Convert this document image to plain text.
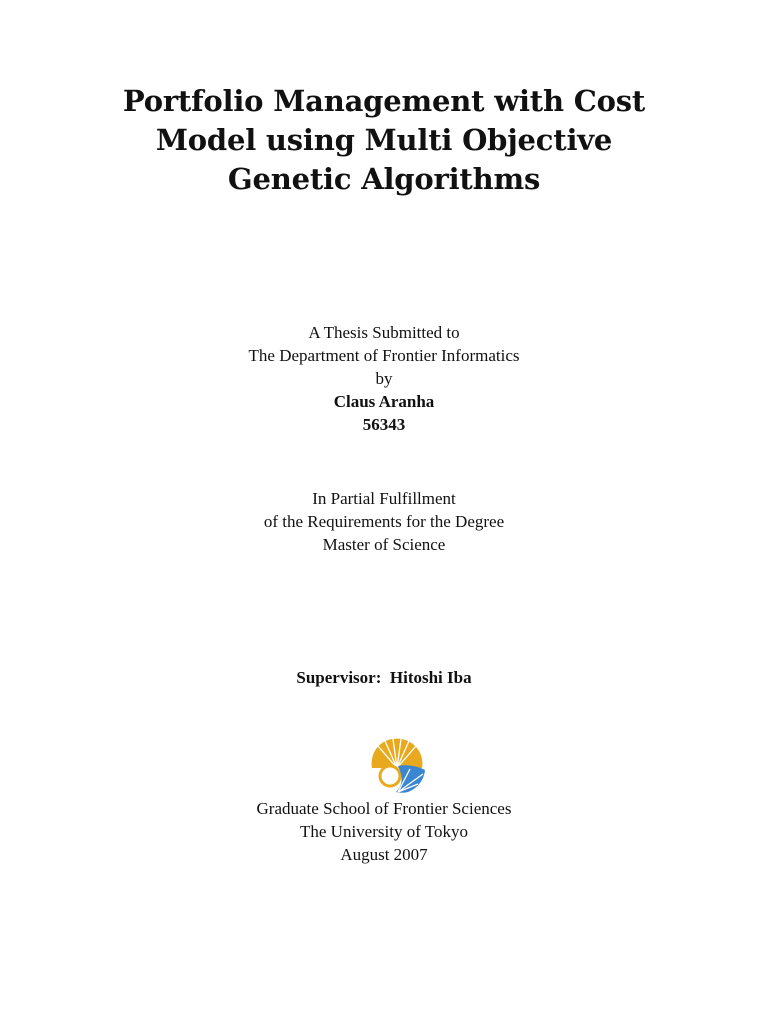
Portfolio Management with Cost
Model using Multi Objective
Genetic Algorithms
A Thesis Submitted to
The Department of Frontier Informatics
by
Claus Aranha
56343
In Partial Fulfillment
of the Requirements for the Degree
Master of Science
Supervisor:  Hitoshi Iba
Graduate School of Frontier Sciences
The University of Tokyo
August 2007
